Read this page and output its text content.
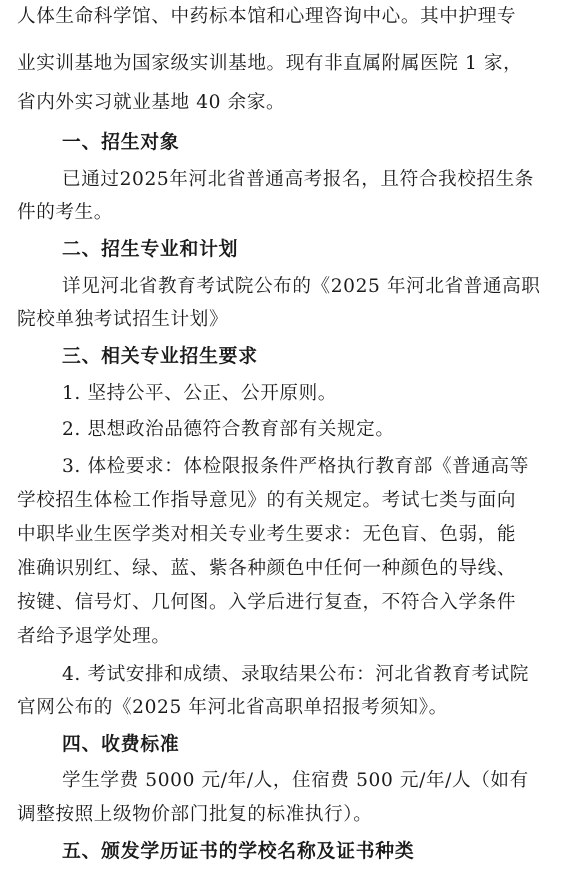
人体生命科学馆、中药标本馆和心理咨询中心。其中护理专
业实训基地为国家级实训基地。现有非直属附属医院 1 家，
省内外实习就业基地 40 余家。
一、招生对象
已通过2025年河北省普通高考报名，且符合我校招生条
件的考生。
二、招生专业和计划
详见河北省教育考试院公布的《2025 年河北省普通高职
院校单独考试招生计划》
三、相关专业招生要求
1. 坚持公平、公正、公开原则。
2. 思想政治品德符合教育部有关规定。
3. 体检要求：体检限报条件严格执行教育部《普通高等
学校招生体检工作指导意见》的有关规定。考试七类与面向
中职毕业生医学类对相关专业考生要求：无色盲、色弱，能
准确识别红、绿、蓝、紫各种颜色中任何一种颜色的导线、
按键、信号灯、几何图。入学后进行复查，不符合入学条件
者给予退学处理。
4. 考试安排和成绩、录取结果公布：河北省教育考试院
官网公布的《2025 年河北省高职单招报考须知》。
四、收费标准
学生学费 5000 元/年/人，住宿费 500 元/年/人（如有
调整按照上级物价部门批复的标准执行）。
五、颁发学历证书的学校名称及证书种类
